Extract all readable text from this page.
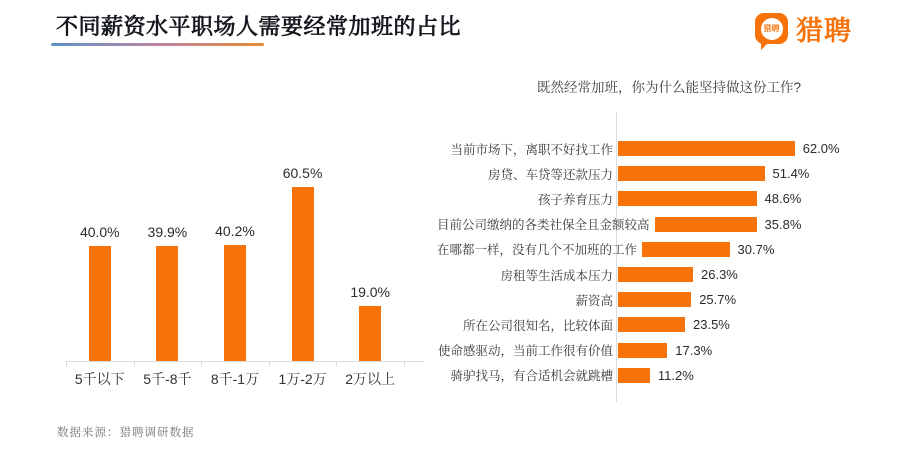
不同薪资水平职场人需要经常加班的占比	猎聘 猎聘
40.0% 39.9% 40.2%
60.5%
19.0%
5千以下	5千-8千	8千-1万	1万-2万	2万以上
既然经常加班，你为什么能坚持做这份工作?
当前市场下，离职不好找工作	62.0%
房贷、车贷等还款压力	51.4%
孩子养育压力	48.6%
目前公司缴纳的各类社保全且金额较高	35.8%
在哪都一样，没有几个不加班的工作	30.7%
房租等生活成本压力	26.3%
薪资高	25.7%
所在公司很知名，比较体面	23.5%
使命感驱动，当前工作很有价值	17.3%
骑驴找马，有合适机会就跳槽	11.2%
数据来源：猎聘调研数据
